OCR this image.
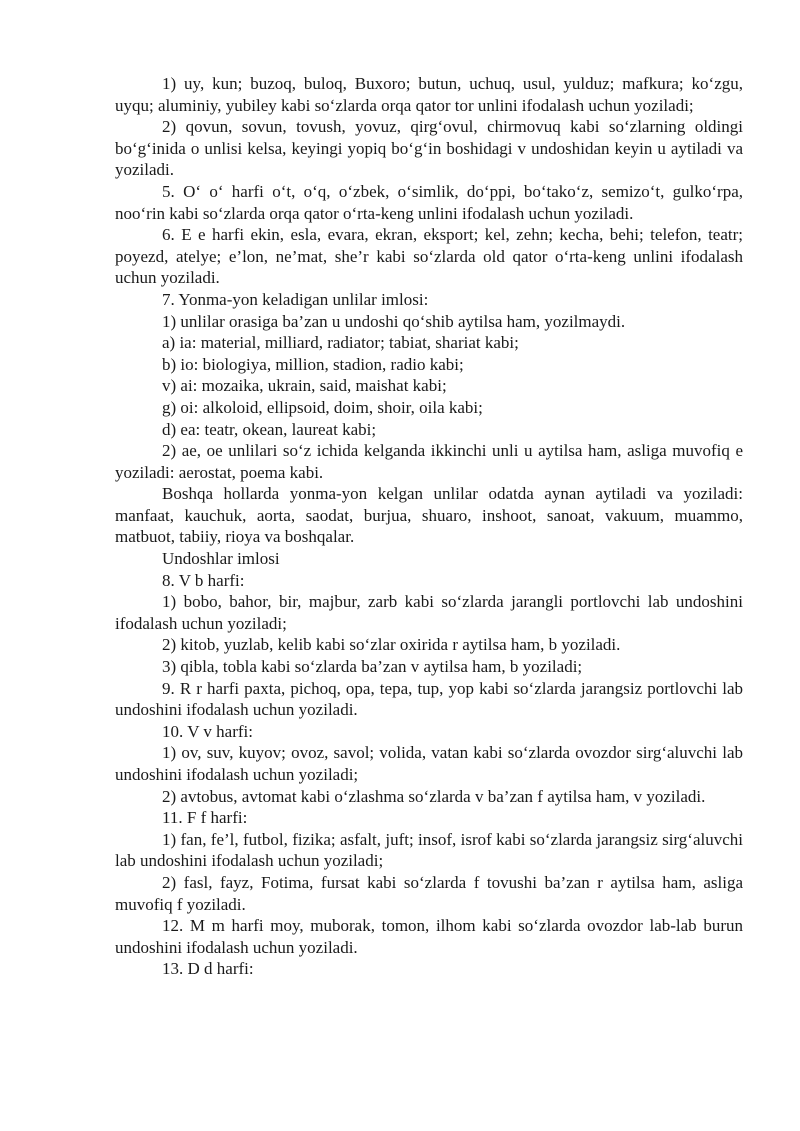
1) uy, kun; buzoq, buloq, Buxoro; butun, uchuq, usul, yulduz; mafkura; ko‘zgu, uyqu; aluminiy, yubiley kabi so‘zlarda orqa qator tor unlini ifodalash uchun yoziladi;

2) qovun, sovun, tovush, yovuz, qirg‘ovul, chirmovuq kabi so‘zlarning oldingi bo‘g‘inida o unlisi kelsa, keyingi yopiq bo‘g‘in boshidagi v undoshidan keyin u aytiladi va yoziladi.

5. O‘ o‘ harfi o‘t, o‘q, o‘zbek, o‘simlik, do‘ppi, bo‘tako‘z, semizo‘t, gulko‘rpa, noo‘rin kabi so‘zlarda orqa qator o‘rta-keng unlini ifodalash uchun yoziladi.

6. E e harfi ekin, esla, evara, ekran, eksport; kel, zehn; kecha, behi; telefon, teatr; poyezd, atelye; e’lon, ne’mat, she’r kabi so‘zlarda old qator o‘rta-keng unlini ifodalash uchun yoziladi.

7. Yonma-yon keladigan unlilar imlosi:

1) unlilar orasiga ba’zan u undoshi qo‘shib aytilsa ham, yozilmaydi.

a) ia: material, milliard, radiator; tabiat, shariat kabi;

b) io: biologiya, million, stadion, radio kabi;

v) ai: mozaika, ukrain, said, maishat kabi;

g) oi: alkoloid, ellipsoid, doim, shoir, oila kabi;

d) ea: teatr, okean, laureat kabi;

2) ae, oe unlilari so‘z ichida kelganda ikkinchi unli u aytilsa ham, asliga muvofiq e yoziladi: aerostat, poema kabi.

Boshqa hollarda yonma-yon kelgan unlilar odatda aynan aytiladi va yoziladi: manfaat, kauchuk, aorta, saodat, burjua, shuaro, inshoot, sanoat, vakuum, muammo, matbuot, tabiiy, rioya va boshqalar.

Undoshlar imlosi

8. V b harfi:

1) bobo, bahor, bir, majbur, zarb kabi so‘zlarda jarangli portlovchi lab undoshini ifodalash uchun yoziladi;

2) kitob, yuzlab, kelib kabi so‘zlar oxirida r aytilsa ham, b yoziladi.

3) qibla, tobla kabi so‘zlarda ba’zan v aytilsa ham, b yoziladi;

9. R r harfi paxta, pichoq, opa, tepa, tup, yop kabi so‘zlarda jarangsiz portlovchi lab undoshini ifodalash uchun yoziladi.

10. V v harfi:

1) ov, suv, kuyov; ovoz, savol; volida, vatan kabi so‘zlarda ovozdor sirg‘aluvchi lab undoshini ifodalash uchun yoziladi;

2) avtobus, avtomat kabi o‘zlashma so‘zlarda v ba’zan f aytilsa ham, v yoziladi.

11. F f harfi:

1) fan, fe’l, futbol, fizika; asfalt, juft; insof, isrof kabi so‘zlarda jarangsiz sirg‘aluvchi lab undoshini ifodalash uchun yoziladi;

2) fasl, fayz, Fotima, fursat kabi so‘zlarda f tovushi ba’zan r aytilsa ham, asliga muvofiq f yoziladi.

12. M m harfi moy, muborak, tomon, ilhom kabi so‘zlarda ovozdor lab-lab burun undoshini ifodalash uchun yoziladi.

13. D d harfi:
